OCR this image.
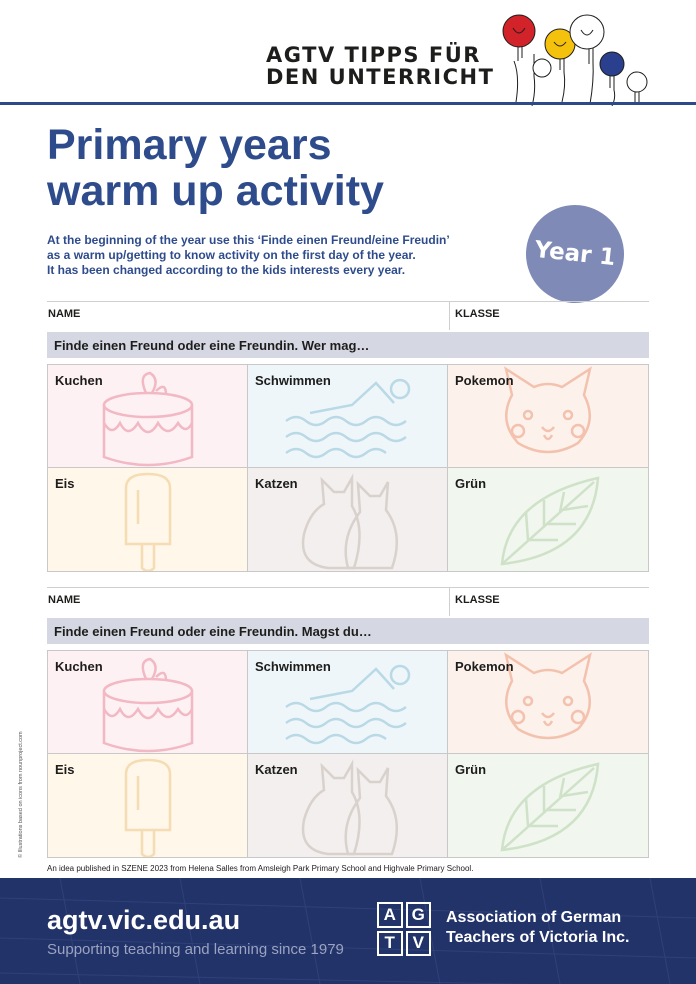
AGTV TIPPS FÜR
DEN UNTERRICHT
Primary years
warm up activity
At the beginning of the year use this ‘Finde einen Freund/eine Freudin’
as a warm up/getting to know activity on the first day of the year.
It has been changed according to the kids interests every year.	Year 1
NAME	KLASSE
Finde einen Freund oder eine Freundin. Wer mag…
Kuchen	Schwimmen	Pokemon
Eis	Katzen	Grün
NAME	KLASSE
Finde einen Freund oder eine Freundin. Magst du…
Kuchen	Schwimmen	Pokemon
Eis	Katzen	Grün
An idea published in SZENE 2023 from Helena Salles from Amsleigh Park Primary School and Highvale Primary School.
© Illustrations based on icons from nounproject.com
agtv.vic.edu.au
Supporting teaching and learning since 1979
A G
T	V
Association of German
Teachers of Victoria Inc.
